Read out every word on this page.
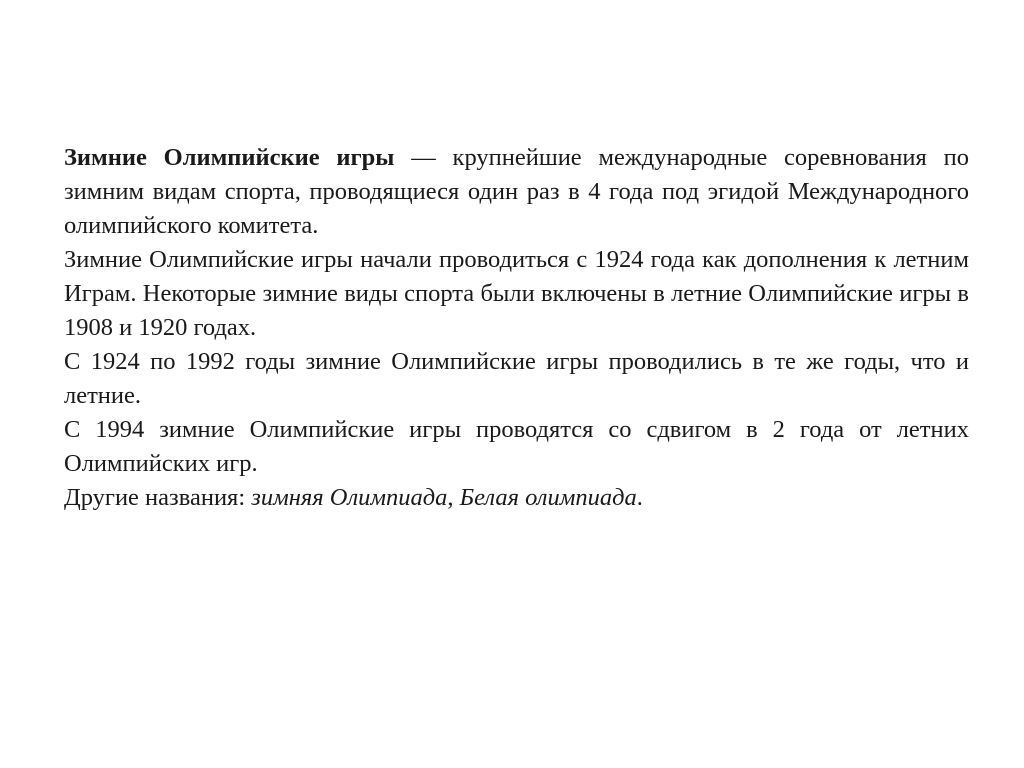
Зимние Олимпийские игры — крупнейшие международные соревнования по зимним видам спорта, проводящиеся один раз в 4 года под эгидой Международного олимпийского комитета.

Зимние Олимпийские игры начали проводиться с 1924 года как дополнения к летним Играм. Некоторые зимние виды спорта были включены в летние Олимпийские игры в 1908 и 1920 годах.
С 1924 по 1992 годы зимние Олимпийские игры проводились в те же годы, что и летние.

С 1994 зимние Олимпийские игры проводятся со сдвигом в 2 года от летних Олимпийских игр.

Другие названия: зимняя Олимпиада, Белая олимпиада.
